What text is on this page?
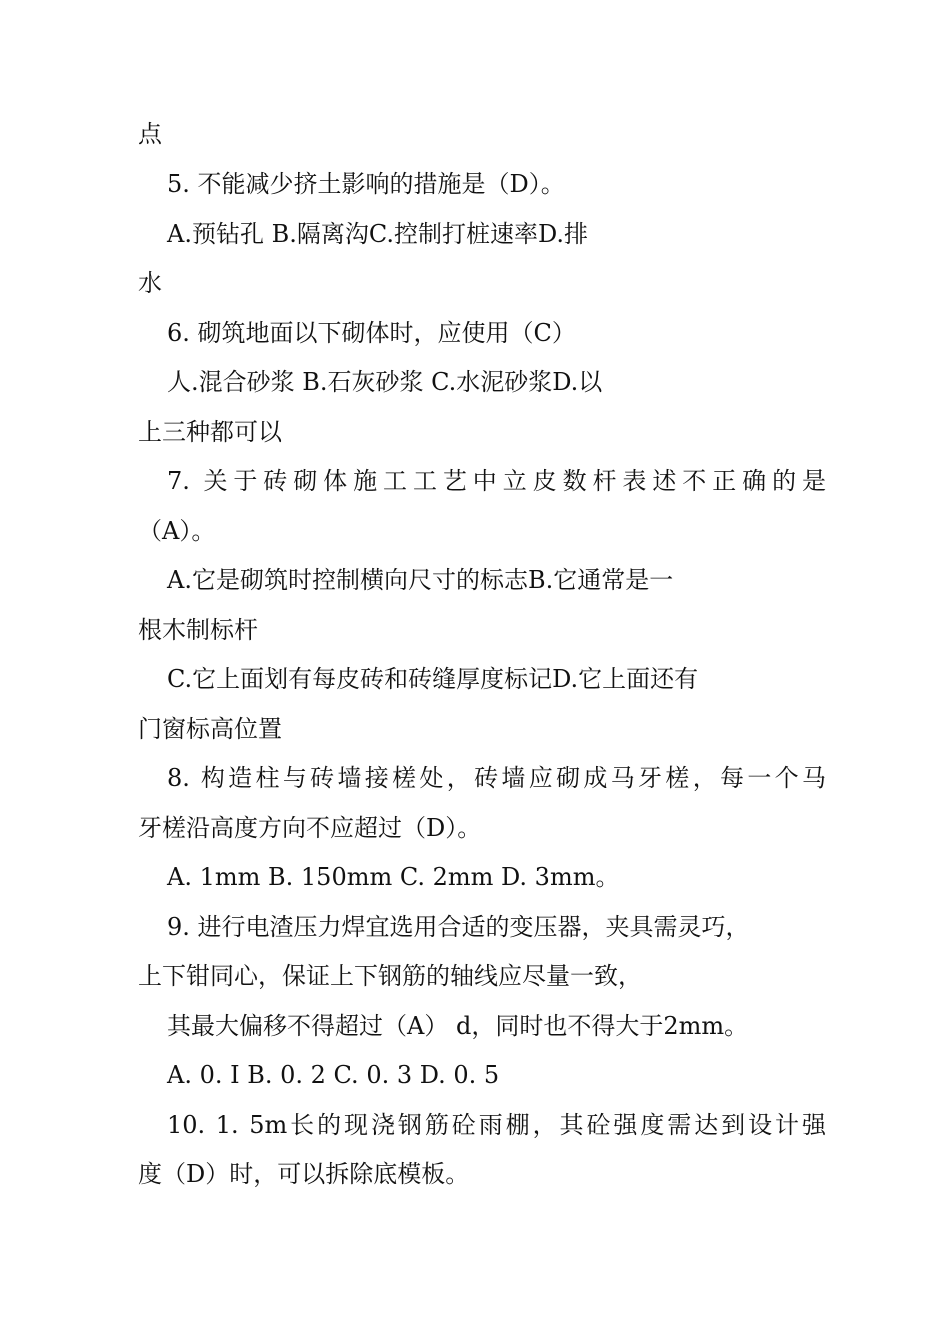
点
5. 不能减少挤土影响的措施是（D）。
A.预钻孔 B.隔离沟C.控制打桩速率D.排
水
6. 砌筑地面以下砌体时，应使用（C）
人.混合砂浆 B.石灰砂浆 C.水泥砂浆D.以
上三种都可以
7. 关于砖砌体施工工艺中立皮数杆表述不正确的是
（A）。
A.它是砌筑时控制横向尺寸的标志B.它通常是一
根木制标杆
C.它上面划有每皮砖和砖缝厚度标记D.它上面还有
门窗标高位置
8. 构造柱与砖墙接槎处，砖墙应砌成马牙槎，每一个马
牙槎沿高度方向不应超过（D）。
A. 1mm B. 150mm C. 2mm D. 3mm。
9. 进行电渣压力焊宜选用合适的变压器，夹具需灵巧，
上下钳同心，保证上下钢筋的轴线应尽量一致，
其最大偏移不得超过（A） d，同时也不得大于2mm。
A. 0. I B. 0. 2 C. 0. 3 D. 0. 5
10. 1. 5m长的现浇钢筋砼雨棚，其砼强度需达到设计强
度（D）时，可以拆除底模板。
